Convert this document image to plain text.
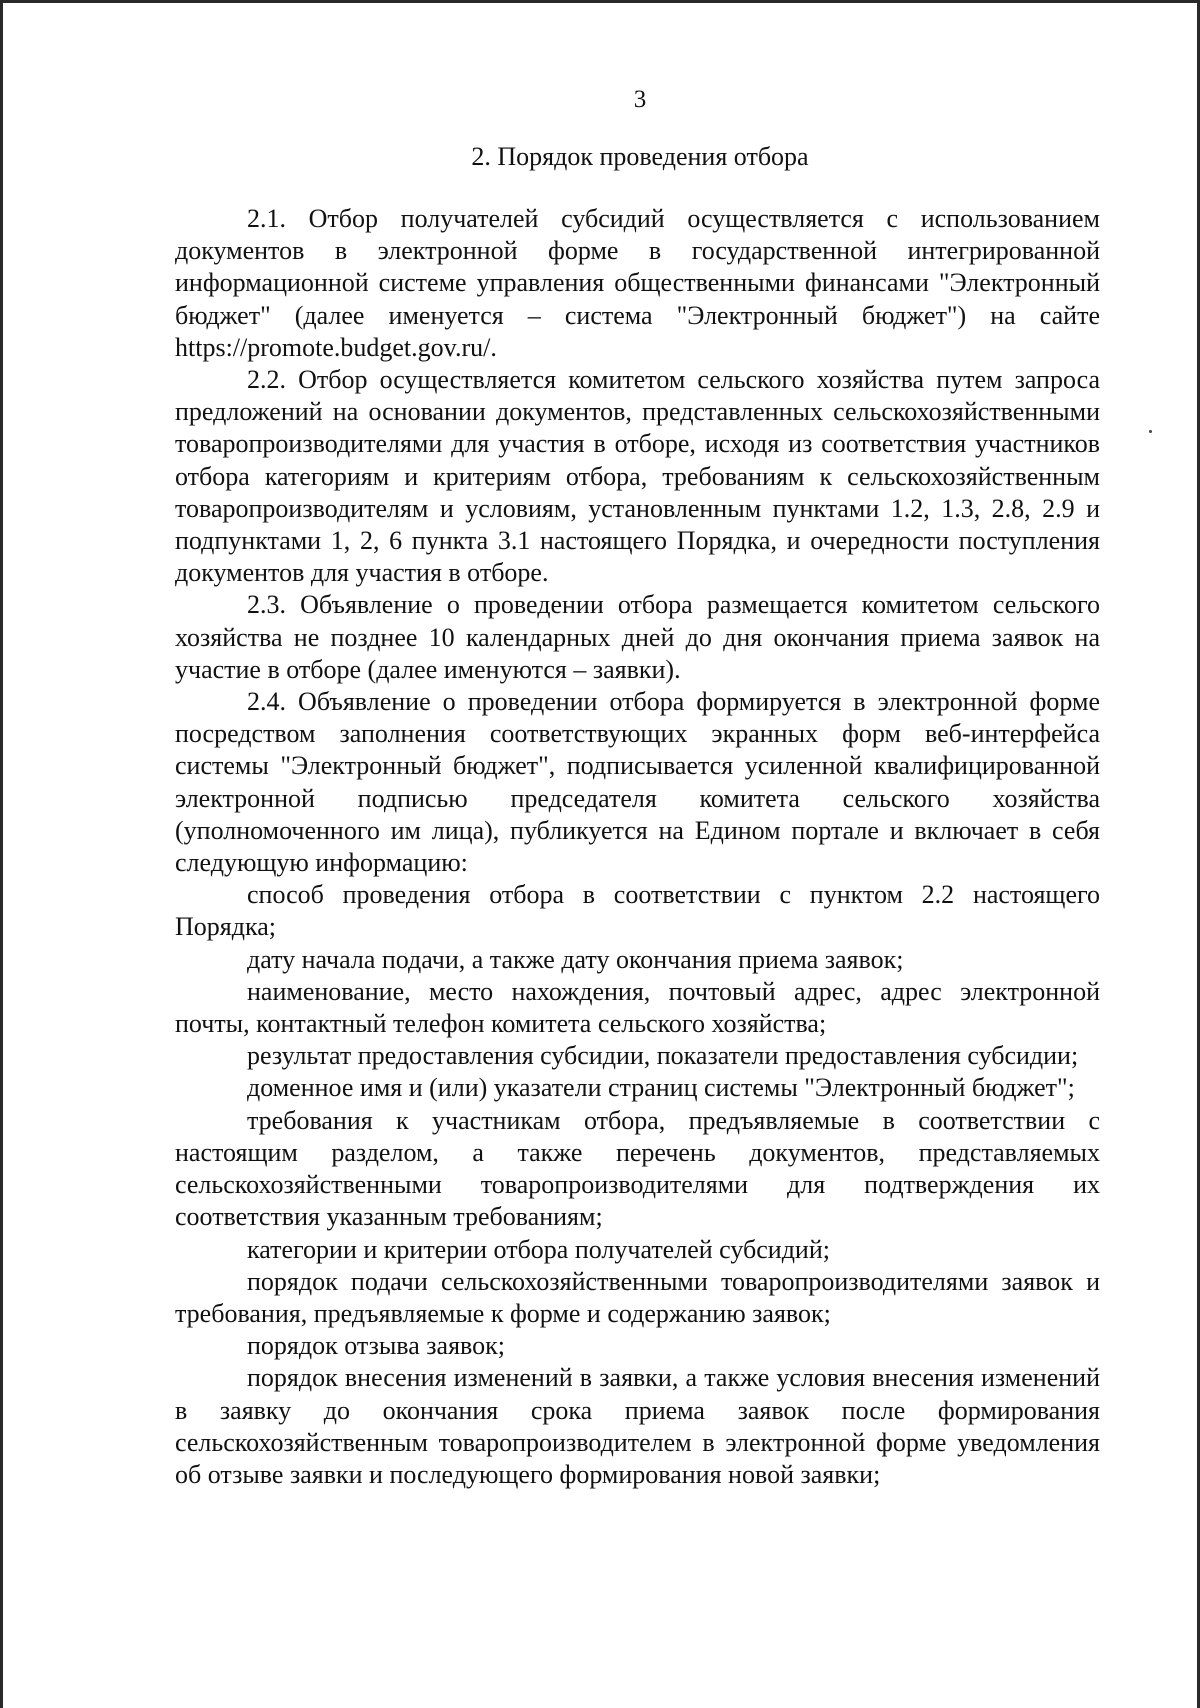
3
2. Порядок проведения отбора

2.1. Отбор получателей субсидий осуществляется с использованием документов в электронной форме в государственной интегрированной информационной системе управления общественными финансами "Электронный бюджет" (далее именуется – система "Электронный бюджет") на сайте https://promote.budget.gov.ru/.

2.2. Отбор осуществляется комитетом сельского хозяйства путем запроса предложений на основании документов, представленных сельскохозяйственными товаропроизводителями для участия в отборе, исходя из соответствия участников отбора категориям и критериям отбора, требованиям к сельскохозяйственным товаропроизводителям и условиям, установленным пунктами 1.2, 1.3, 2.8, 2.9 и подпунктами 1, 2, 6 пункта 3.1 настоящего Порядка, и очередности поступления документов для участия в отборе.

2.3. Объявление о проведении отбора размещается комитетом сельского хозяйства не позднее 10 календарных дней до дня окончания приема заявок на участие в отборе (далее именуются – заявки).

2.4. Объявление о проведении отбора формируется в электронной форме посредством заполнения соответствующих экранных форм веб-интерфейса системы "Электронный бюджет", подписывается усиленной квалифицированной электронной подписью председателя комитета сельского хозяйства (уполномоченного им лица), публикуется на Едином портале и включает в себя следующую информацию:

способ проведения отбора в соответствии с пунктом 2.2 настоящего Порядка;

дату начала подачи, а также дату окончания приема заявок;

наименование, место нахождения, почтовый адрес, адрес электронной почты, контактный телефон комитета сельского хозяйства;

результат предоставления субсидии, показатели предоставления субсидии;

доменное имя и (или) указатели страниц системы "Электронный бюджет";

требования к участникам отбора, предъявляемые в соответствии с настоящим разделом, а также перечень документов, представляемых сельскохозяйственными товаропроизводителями для подтверждения их соответствия указанным требованиям;

категории и критерии отбора получателей субсидий;

порядок подачи сельскохозяйственными товаропроизводителями заявок и требования, предъявляемые к форме и содержанию заявок;

порядок отзыва заявок;

порядок внесения изменений в заявки, а также условия внесения изменений в заявку до окончания срока приема заявок после формирования сельскохозяйственным товаропроизводителем в электронной форме уведомления об отзыве заявки и последующего формирования новой заявки;
